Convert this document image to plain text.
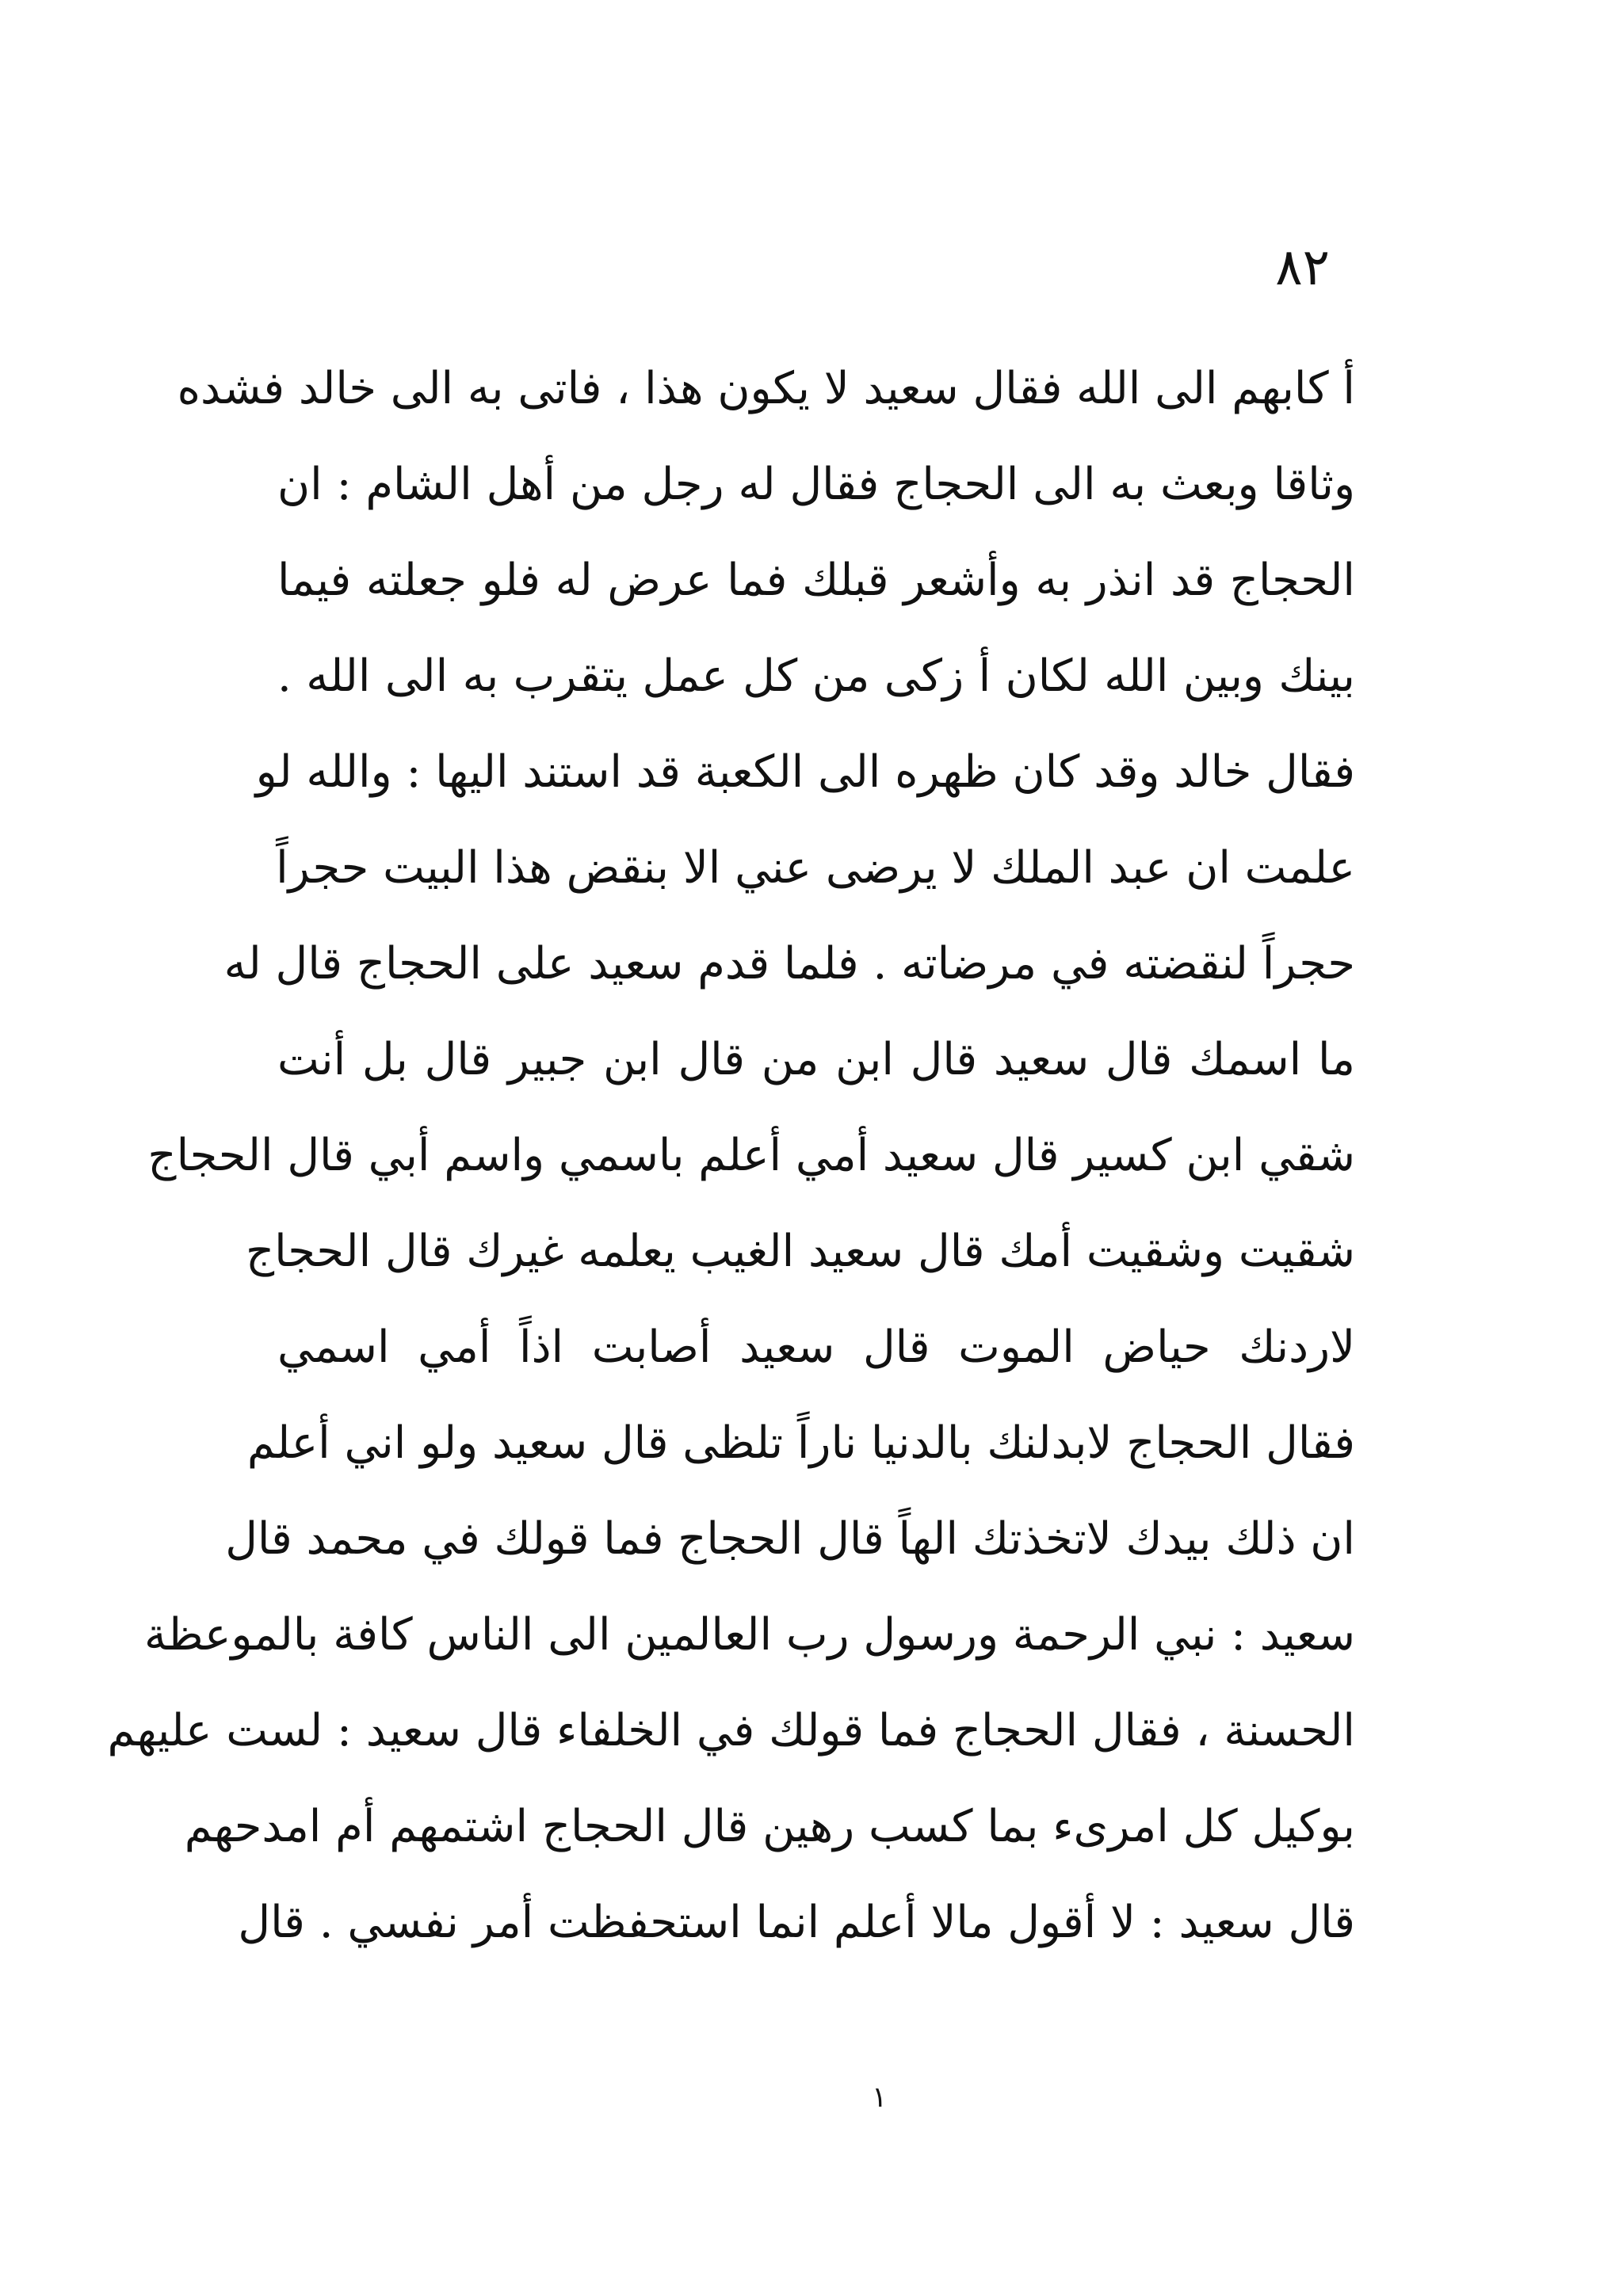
٨٢
أ كابهم الى الله فقال سعيد لا يكون هذا ، فاتى به الى خالد فشده
وثاقا وبعث به الى الحجاج فقال له رجل من أهل الشام : ان
الحجاج قد انذر به وأشعر قبلك فما عرض له فلو جعلته فيما
بينك وبين الله لكان أ زكى من كل عمل يتقرب به الى الله .
فقال خالد وقد كان ظهره الى الكعبة قد استند اليها : والله لو
علمت ان عبد الملك لا يرضى عني الا بنقض هذا البيت حجراً
حجراً لنقضته في مرضاته . فلما قدم سعيد على الحجاج قال له
ما اسمك قال سعيد قال ابن من قال ابن جبير قال بل أنت
شقي ابن كسير قال سعيد أمي أعلم باسمي واسم أبي قال الحجاج
شقيت وشقيت أمك قال سعيد الغيب يعلمه غيرك قال الحجاج
لاردنك حياض الموت قال سعيد أصابت اذاً أمي اسمي
فقال الحجاج لابدلنك بالدنيا ناراً تلظى قال سعيد ولو اني أعلم
ان ذلك بيدك لاتخذتك الهاً قال الحجاج فما قولك في محمد قال
سعيد : نبي الرحمة ورسول رب العالمين الى الناس كافة بالموعظة
الحسنة ، فقال الحجاج فما قولك في الخلفاء قال سعيد : لست عليهم
بوكيل كل امرىء بما كسب رهين قال الحجاج اشتمهم أم امدحهم
قال سعيد : لا أقول مالا أعلم انما استحفظت أمر نفسي . قال
١
